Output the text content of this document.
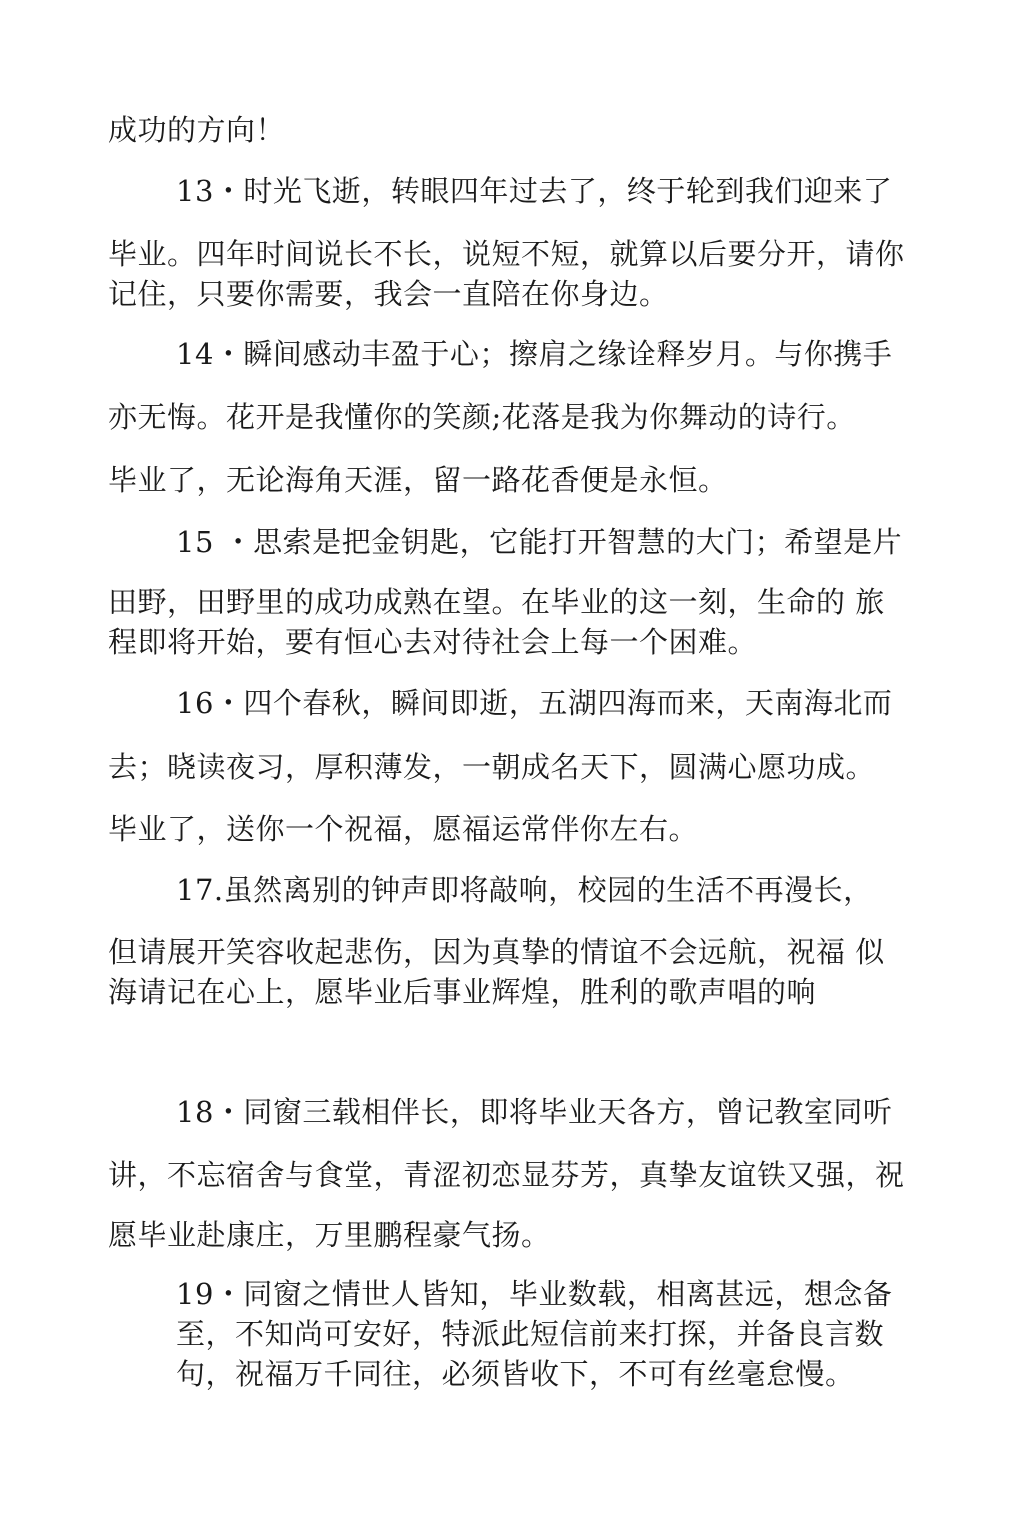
成功的方向！
13・时光飞逝，转眼四年过去了，终于轮到我们迎来了
毕业。四年时间说长不长，说短不短，就算以后要分开，请你
记住，只要你需要，我会一直陪在你身边。
14・瞬间感动丰盈于心；擦肩之缘诠释岁月。与你携手
亦无悔。花开是我懂你的笑颜;花落是我为你舞动的诗行。
毕业了，无论海角天涯，留一路花香便是永恒。
15 ・思索是把金钥匙，它能打开智慧的大门；希望是片
田野，田野里的成功成熟在望。在毕业的这一刻，生命的 旅
程即将开始，要有恒心去对待社会上每一个困难。
16・四个春秋，瞬间即逝，五湖四海而来，天南海北而
去；晓读夜习，厚积薄发，一朝成名天下，圆满心愿功成。
毕业了，送你一个祝福，愿福运常伴你左右。
17.虽然离别的钟声即将敲响，校园的生活不再漫长，
但请展开笑容收起悲伤，因为真挚的情谊不会远航，祝福 似
海请记在心上，愿毕业后事业辉煌，胜利的歌声唱的响
18・同窗三载相伴长，即将毕业天各方，曾记教室同听
讲，不忘宿舍与食堂，青涩初恋显芬芳，真挚友谊铁又强，祝
愿毕业赴康庄，万里鹏程豪气扬。
19・同窗之情世人皆知，毕业数载，相离甚远，想念备
至，不知尚可安好，特派此短信前来打探，并备良言数
句，祝福万千同往，必须皆收下，不可有丝毫怠慢。
